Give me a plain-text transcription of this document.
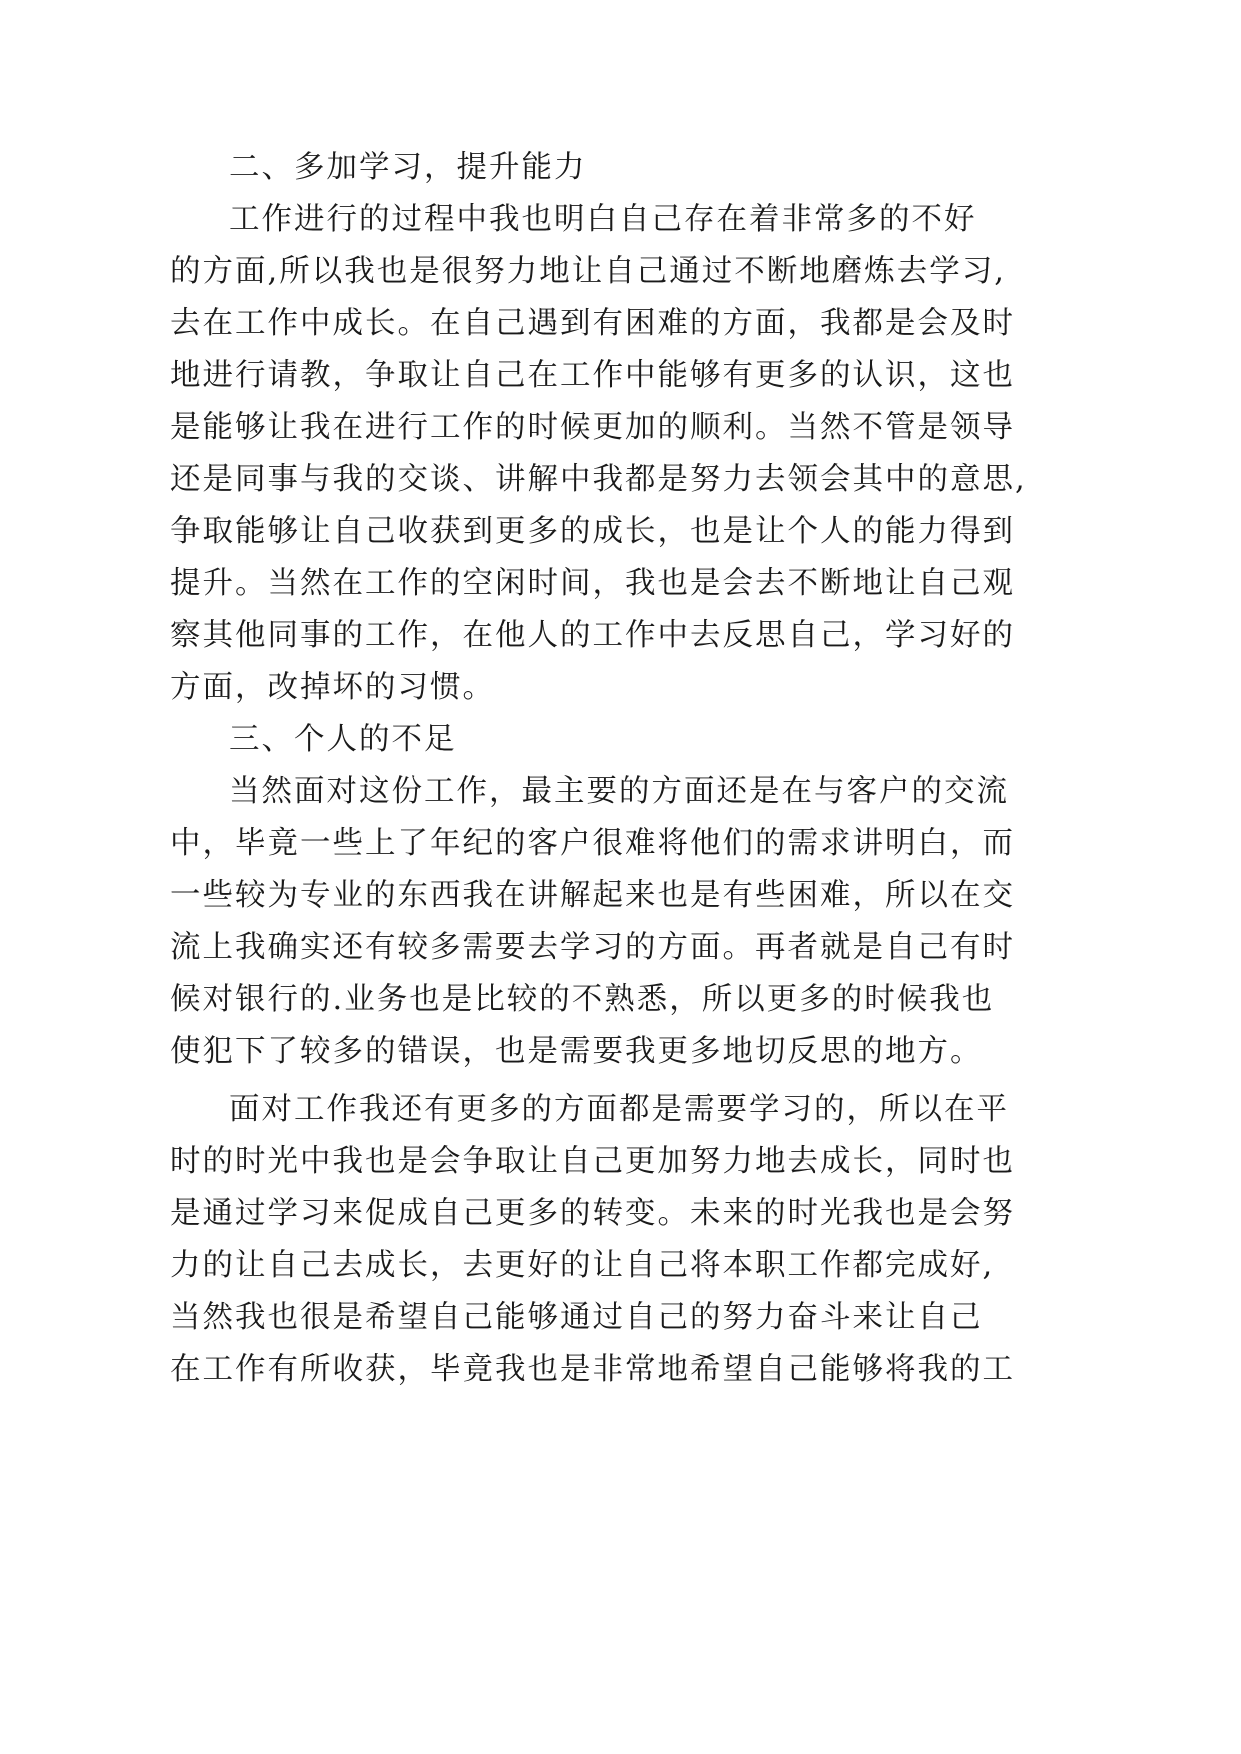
二、多加学习，提升能力
工作进行的过程中我也明白自己存在着非常多的不好
的方面,所以我也是很努力地让自己通过不断地磨炼去学习,
去在工作中成长。在自己遇到有困难的方面，我都是会及时
地进行请教，争取让自己在工作中能够有更多的认识，这也
是能够让我在进行工作的时候更加的顺利。当然不管是领导
还是同事与我的交谈、讲解中我都是努力去领会其中的意思,
争取能够让自己收获到更多的成长，也是让个人的能力得到
提升。当然在工作的空闲时间，我也是会去不断地让自己观
察其他同事的工作，在他人的工作中去反思自己，学习好的
方面，改掉坏的习惯。
三、个人的不足
当然面对这份工作，最主要的方面还是在与客户的交流
中，毕竟一些上了年纪的客户很难将他们的需求讲明白，而
一些较为专业的东西我在讲解起来也是有些困难，所以在交
流上我确实还有较多需要去学习的方面。再者就是自己有时
候对银行的.业务也是比较的不熟悉，所以更多的时候我也
使犯下了较多的错误，也是需要我更多地切反思的地方。
面对工作我还有更多的方面都是需要学习的，所以在平
时的时光中我也是会争取让自己更加努力地去成长，同时也
是通过学习来促成自己更多的转变。未来的时光我也是会努
力的让自己去成长，去更好的让自己将本职工作都完成好,
当然我也很是希望自己能够通过自己的努力奋斗来让自己
在工作有所收获，毕竟我也是非常地希望自己能够将我的工
